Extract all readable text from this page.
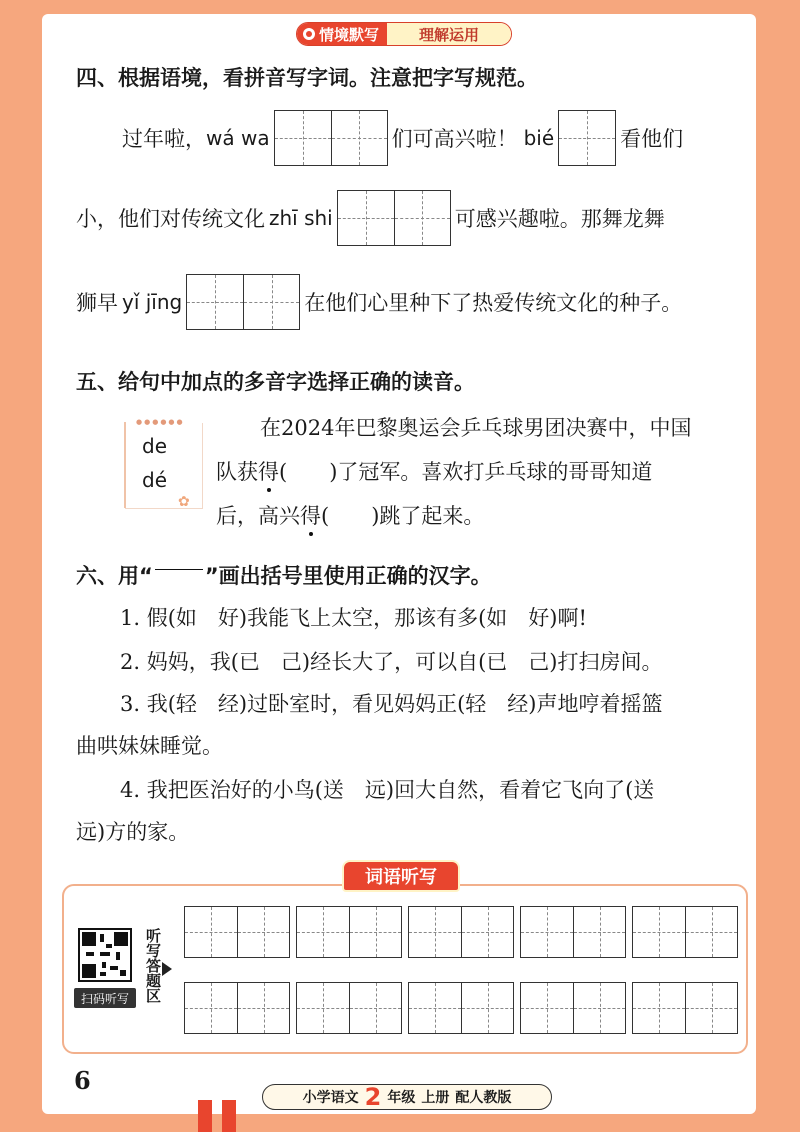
情境默写	理解运用
四、根据语境，看拼音写字词。注意把字写规范。
过年啦， wá wa	们可高兴啦！ bié	看他们
小，他们对传统文化 zhī shi	可感兴趣啦。那舞龙舞
狮早 yǐ jīng	在他们心里种下了热爱传统文化的种子。
五、给句中加点的多音字选择正确的读音。
●●●●●●
de
dé
✿
在2024年巴黎奥运会乒乓球男团决赛中，中国
队获 得 (　　)了冠军。喜欢打乒乓球的哥哥知道
后，高兴 得 (　　)跳了起来。
六、用“ ”画出括号里使用正确的汉字。
1. 假(如　好)我能飞上太空，那该有多(如　好)啊!
2. 妈妈，我(已　己)经长大了，可以自(已　己)打扫房间。
3. 我(轻　经)过卧室时，看见妈妈正(轻　经)声地哼着摇篮
曲哄妹妹睡觉。
4. 我把医治好的小鸟(送　远)回大自然，看着它飞向了(送
远)方的家。
词语听写
扫码听写	听写答题区
6
小学语文 2 年级 上册 配人教版
